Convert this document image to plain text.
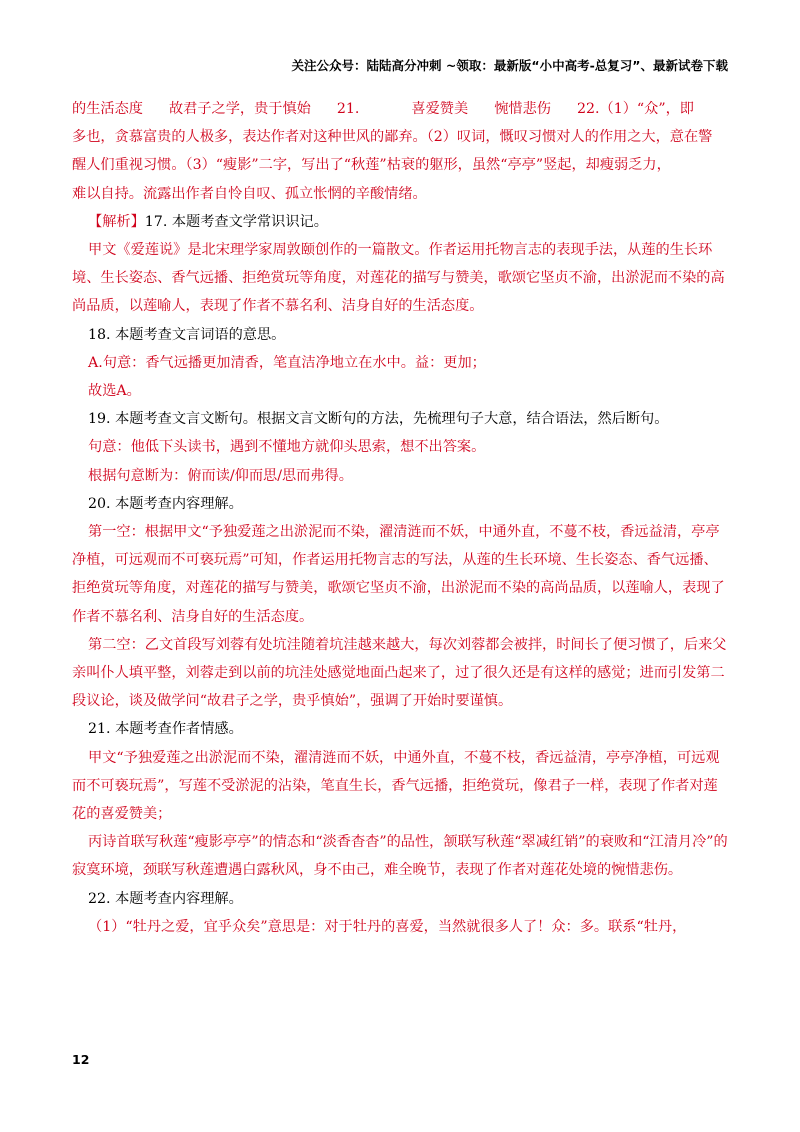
关注公众号：陆陆高分冲刺 ~领取：最新版“小中高考-总复习”、最新试卷下载

的生活态度 故君子之学，贵于慎始 21.	喜爱赞美 惋惜悲伤 22.（1）“众”，即

多也，贪慕富贵的人极多，表达作者对这种世风的鄙弃。（2）叹词，慨叹习惯对人的作用之大，意在警

醒人们重视习惯。（3）“瘦影”二字，写出了“秋莲”枯衰的躯形，虽然“亭亭”竖起，却瘦弱乏力，

难以自持。流露出作者自怜自叹、孤立怅惘的辛酸情绪。

【解析】17. 本题考查文学常识识记。

甲文《爱莲说》是北宋理学家周敦颐创作的一篇散文。作者运用托物言志的表现手法，从莲的生长环境、生长姿态、香气远播、拒绝赏玩等角度，对莲花的描写与赞美，歌颂它坚贞不渝，出淤泥而不染的高尚品质，以莲喻人，表现了作者不慕名利、洁身自好的生活态度。

18. 本题考查文言词语的意思。

A.句意：香气远播更加清香，笔直洁净地立在水中。益：更加；

故选A。

19. 本题考查文言文断句。根据文言文断句的方法，先梳理句子大意，结合语法，然后断句。

句意：他低下头读书，遇到不懂地方就仰头思索，想不出答案。

根据句意断为：俯而读/仰而思/思而弗得。

20. 本题考查内容理解。

第一空：根据甲文“予独爱莲之出淤泥而不染，濯清涟而不妖，中通外直，不蔓不枝，香远益清，亭亭净植，可远观而不可亵玩焉”可知，作者运用托物言志的写法，从莲的生长环境、生长姿态、香气远播、拒绝赏玩等角度，对莲花的描写与赞美，歌颂它坚贞不渝，出淤泥而不染的高尚品质，以莲喻人，表现了作者不慕名利、洁身自好的生活态度。

第二空：乙文首段写刘蓉有处坑洼随着坑洼越来越大，每次刘蓉都会被拌，时间长了便习惯了，后来父亲叫仆人填平整，刘蓉走到以前的坑洼处感觉地面凸起来了，过了很久还是有这样的感觉；进而引发第二段议论，谈及做学问“故君子之学，贵乎慎始”，强调了开始时要谨慎。

21. 本题考查作者情感。

甲文“予独爱莲之出淤泥而不染，濯清涟而不妖，中通外直，不蔓不枝，香远益清，亭亭净植，可远观而不可亵玩焉”，写莲不受淤泥的沾染，笔直生长，香气远播，拒绝赏玩，像君子一样，表现了作者对莲花的喜爱赞美；

丙诗首联写秋莲“瘦影亭亭”的情态和“淡香杳杳”的品性，颔联写秋莲“翠减红销”的衰败和“江清月冷”的寂寞环境，颈联写秋莲遭遇白露秋风，身不由己，难全晚节，表现了作者对莲花处境的惋惜悲伤。

22. 本题考查内容理解。

（1）“牡丹之爱，宜乎众矣”意思是：对于牡丹的喜爱，当然就很多人了！众：多。联系“牡丹，

12
